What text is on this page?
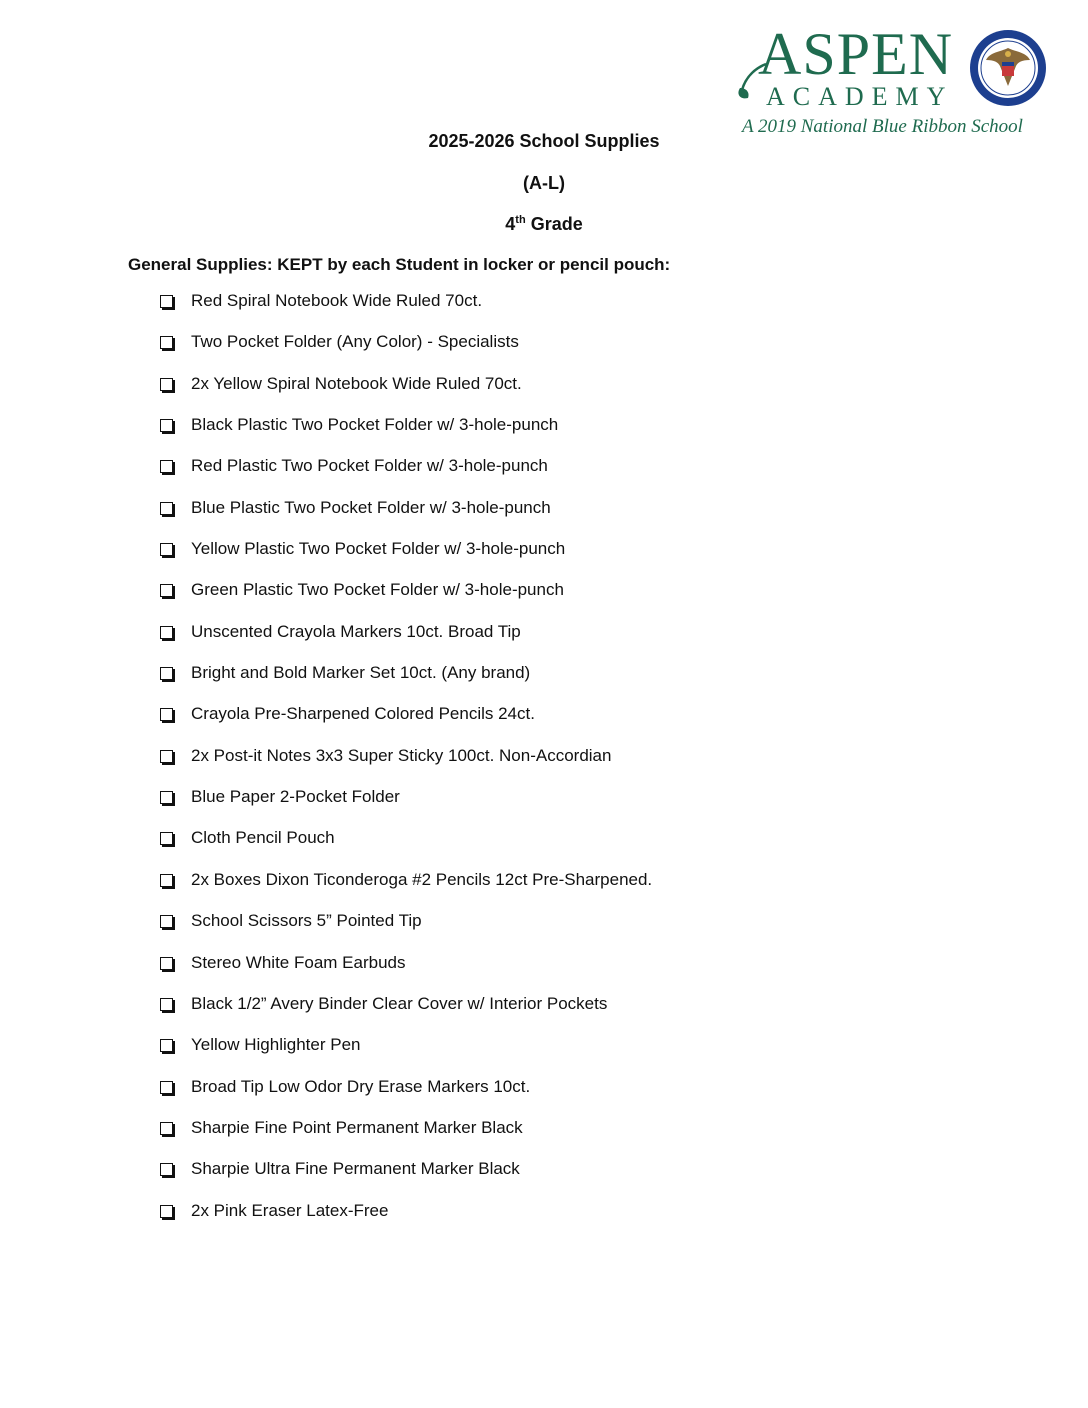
ASPEN
ACADEMY
A 2019 National Blue Ribbon School
2025-2026 School Supplies
(A-L)
4th Grade
General Supplies: KEPT by each Student in locker or pencil pouch:
Red Spiral Notebook Wide Ruled 70ct.
Two Pocket Folder (Any Color) - Specialists
2x Yellow Spiral Notebook Wide Ruled 70ct.
Black Plastic Two Pocket Folder w/ 3-hole-punch
Red Plastic Two Pocket Folder w/ 3-hole-punch
Blue Plastic Two Pocket Folder w/ 3-hole-punch
Yellow Plastic Two Pocket Folder w/ 3-hole-punch
Green Plastic Two Pocket Folder w/ 3-hole-punch
Unscented Crayola Markers 10ct. Broad Tip
Bright and Bold Marker Set 10ct. (Any brand)
Crayola Pre-Sharpened Colored Pencils 24ct.
2x Post-it Notes 3x3 Super Sticky 100ct. Non-Accordian
Blue Paper 2-Pocket Folder
Cloth Pencil Pouch
2x Boxes Dixon Ticonderoga #2 Pencils 12ct Pre-Sharpened.
School Scissors 5” Pointed Tip
Stereo White Foam Earbuds
Black 1/2” Avery Binder Clear Cover w/ Interior Pockets
Yellow Highlighter Pen
Broad Tip Low Odor Dry Erase Markers 10ct.
Sharpie Fine Point Permanent Marker Black
Sharpie Ultra Fine Permanent Marker Black
2x Pink Eraser Latex-Free
